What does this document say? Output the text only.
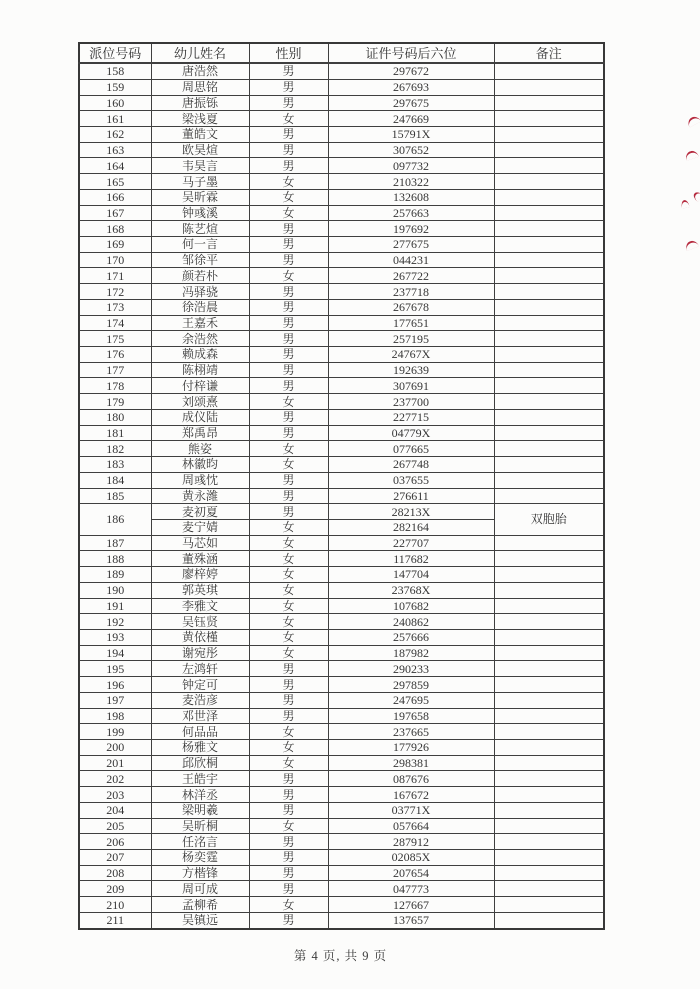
派位号码	幼儿姓名	性别	证件号码后六位	备注
158	唐浩然	男	297672	
159	周思铭	男	267693	
160	唐振铄	男	297675	
161	梁浅夏	女	247669	
162	董皓文	男	15791X	
163	欧昊煊	男	307652	
164	韦昊言	男	097732	
165	马子墨	女	210322	
166	吴昕霖	女	132608	
167	钟彧溪	女	257663	
168	陈艺煊	男	197692	
169	何一言	男	277675	
170	邹徐平	男	044231	
171	颜若朴	女	267722	
172	冯驿骁	男	237718	
173	徐浩晨	男	267678	
174	王嘉禾	男	177651	
175	余浩然	男	257195	
176	赖成森	男	24767X	
177	陈栩靖	男	192639	
178	付梓谦	男	307691	
179	刘颂熹	女	237700	
180	成仪陆	男	227715	
181	郑禹昂	男	04779X	
182	熊姿	女	077665	
183	林徽昀	女	267748	
184	周彧忱	男	037655	
185	黄永潍	男	276611	
186	麦初夏	男	28213X	双胞胎
	麦宁婧	女	282164	
187	马芯如	女	227707	
188	董殊涵	女	117682	
189	廖梓婷	女	147704	
190	郭英琪	女	23768X	
191	李雅文	女	107682	
192	吴钰贤	女	240862	
193	黄依槿	女	257666	
194	谢宛彤	女	187982	
195	左鸿轩	男	290233	
196	钟定可	男	297859	
197	麦浩彦	男	247695	
198	邓世泽	男	197658	
199	何品品	女	237665	
200	杨雅文	女	177926	
201	邱欣桐	女	298381	
202	王皓宇	男	087676	
203	林洋丞	男	167672	
204	梁明羲	男	03771X	
205	吴昕桐	女	057664	
206	任洺言	男	287912	
207	杨奕霆	男	02085X	
208	方楷锋	男	207654	
209	周可成	男	047773	
210	孟柳希	女	127667	
211	吴镇远	男	137657	
第 4 页, 共 9 页
